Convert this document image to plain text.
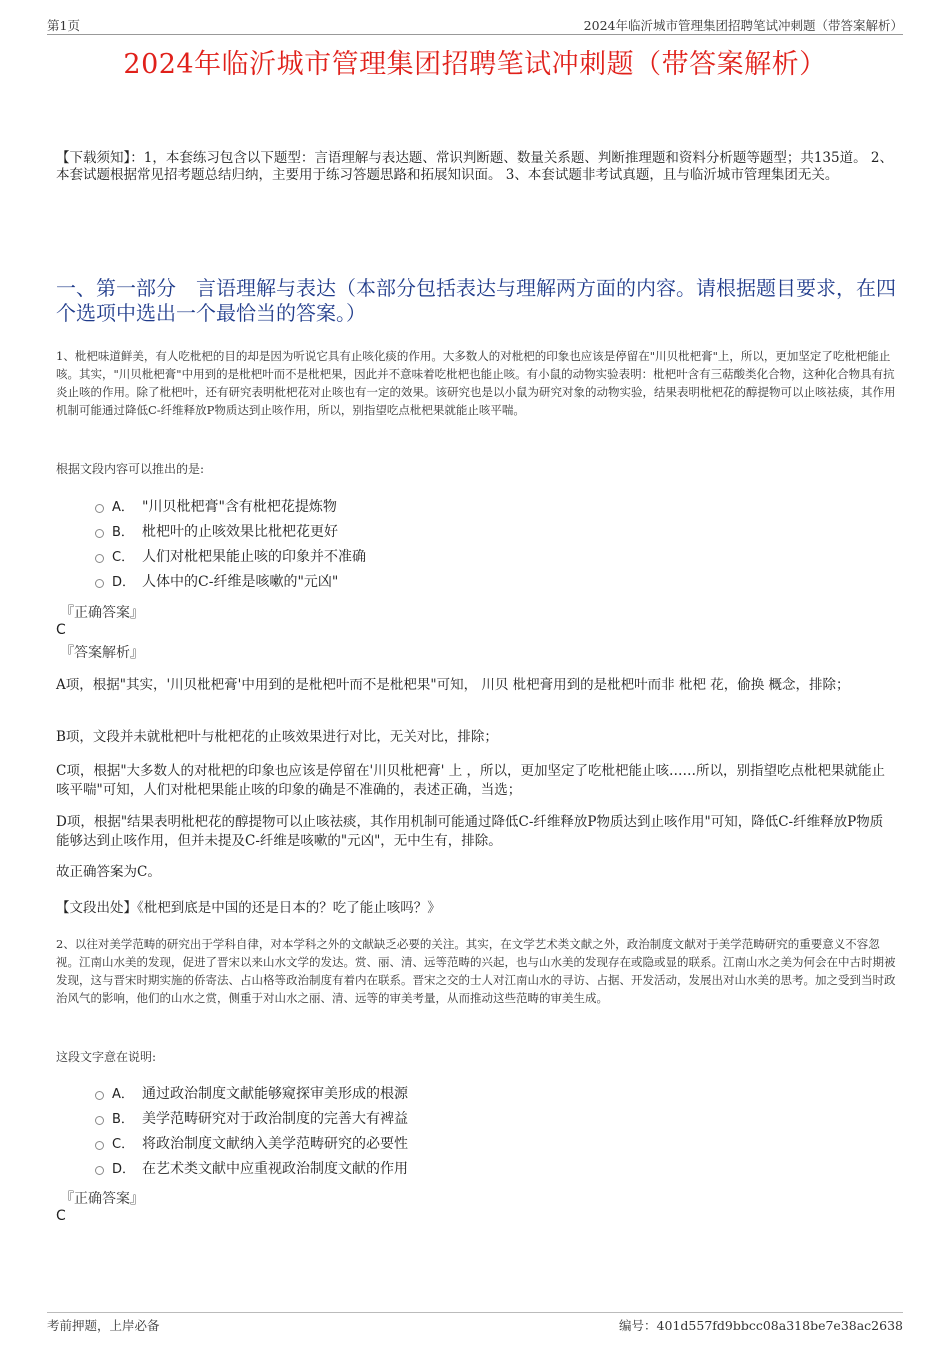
第1页	2024年临沂城市管理集团招聘笔试冲刺题（带答案解析）
2024年临沂城市管理集团招聘笔试冲刺题（带答案解析）
【下载须知】：1，本套练习包含以下题型：言语理解与表达题、常识判断题、数量关系题、判断推理题和资料分析题等题型；共135道。 2、本套试题根据常见招考题总结归纳，主要用于练习答题思路和拓展知识面。 3、本套试题非考试真题，且与临沂城市管理集团无关。
一、第一部分　言语理解与表达（本部分包括表达与理解两方面的内容。请根据题目要求，在四个选项中选出一个最恰当的答案。）
1、枇杷味道鲜美，有人吃枇杷的目的却是因为听说它具有止咳化痰的作用。大多数人的对枇杷的印象也应该是停留在"川贝枇杷膏"上，所以，更加坚定了吃枇杷能止咳。其实，"川贝枇杷膏"中用到的是枇杷叶而不是枇杷果，因此并不意味着吃枇杷也能止咳。有小鼠的动物实验表明：枇杷叶含有三萜酸类化合物，这种化合物具有抗炎止咳的作用。除了枇杷叶，还有研究表明枇杷花对止咳也有一定的效果。该研究也是以小鼠为研究对象的动物实验，结果表明枇杷花的醇提物可以止咳祛痰，其作用机制可能通过降低C-纤维释放P物质达到止咳作用，所以，别指望吃点枇杷果就能止咳平喘。
根据文段内容可以推出的是:
A． "川贝枇杷膏"含有枇杷花提炼物
B． 枇杷叶的止咳效果比枇杷花更好
C． 人们对枇杷果能止咳的印象并不准确
D． 人体中的C-纤维是咳嗽的"元凶"
『正确答案』
C
『答案解析』
A项，根据"其实，'川贝枇杷膏'中用到的是枇杷叶而不是枇杷果"可知， 川贝 枇杷膏用到的是枇杷叶而非 枇杷 花，偷换 概念，排除；
B项，文段并未就枇杷叶与枇杷花的止咳效果进行对比，无关对比，排除；
C项，根据"大多数人的对枇杷的印象也应该是停留在'川贝枇杷膏' 上 ，所以，更加坚定了吃枇杷能止咳……所以，别指望吃点枇杷果就能止咳平喘"可知，人们对枇杷果能止咳的印象的确是不准确的，表述正确，当选；
D项，根据"结果表明枇杷花的醇提物可以止咳祛痰，其作用机制可能通过降低C-纤维释放P物质达到止咳作用"可知，降低C-纤维释放P物质能够达到止咳作用，但并未提及C-纤维是咳嗽的"元凶"，无中生有，排除。
故正确答案为C。
【文段出处】《枇杷到底是中国的还是日本的？吃了能止咳吗？》
2、以往对美学范畴的研究出于学科自律，对本学科之外的文献缺乏必要的关注。其实，在文学艺术类文献之外，政治制度文献对于美学范畴研究的重要意义不容忽视。江南山水美的发现，促进了晋宋以来山水文学的发达。赏、丽、清、远等范畴的兴起，也与山水美的发现存在或隐或显的联系。江南山水之美为何会在中古时期被发现，这与晋宋时期实施的侨寄法、占山格等政治制度有着内在联系。晋宋之交的士人对江南山水的寻访、占据、开发活动，发展出对山水美的思考。加之受到当时政治风气的影响，他们的山水之赏，侧重于对山水之丽、清、远等的审美考量，从而推动这些范畴的审美生成。
这段文字意在说明:
A． 通过政治制度文献能够窥探审美形成的根源
B． 美学范畴研究对于政治制度的完善大有裨益
C． 将政治制度文献纳入美学范畴研究的必要性
D． 在艺术类文献中应重视政治制度文献的作用
『正确答案』
C
考前押题，上岸必备	编号：401d557fd9bbcc08a318be7e38ac2638
